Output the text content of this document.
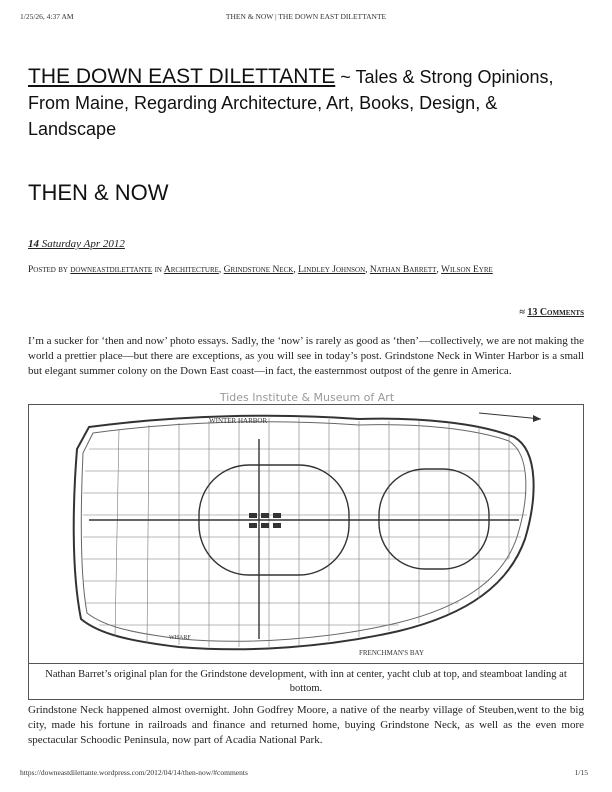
1/25/26, 4:37 AM	THEN & NOW | THE DOWN EAST DILETTANTE
THE DOWN EAST DILETTANTE ~ Tales & Strong Opinions, From Maine, Regarding Architecture, Art, Books, Design, & Landscape
THEN & NOW
14 Saturday Apr 2012
Posted by downeastdilettante in Architecture, Grindstone Neck, Lindley Johnson, Nathan Barrett, Wilson Eyre
≈ 13 Comments

I’m a sucker for ‘then and now’ photo essays. Sadly, the ‘now’ is rarely as good as ‘then’—collectively, we are not making the world a prettier place—but there are exceptions, as you will see in today’s post. Grindstone Neck in Winter Harbor is a small but elegant summer colony on the Down East coast—in fact, the easternmost outpost of the genre in America.

Tides Institute & Museum of Art
WINTER HARBOR
FRENCHMAN'S BAY
WHARF
Nathan Barret’s original plan for the Grindstone development, with inn at center, yacht club at top, and steamboat landing at bottom.

Grindstone Neck happened almost overnight. John Godfrey Moore, a native of the nearby village of Steuben,went to the big city, made his fortune in railroads and finance and returned home, buying Grindstone Neck, as well as the even more spectacular Schoodic Peninsula, now part of Acadia National Park.

https://downeastdilettante.wordpress.com/2012/04/14/then-now/#comments	1/15
